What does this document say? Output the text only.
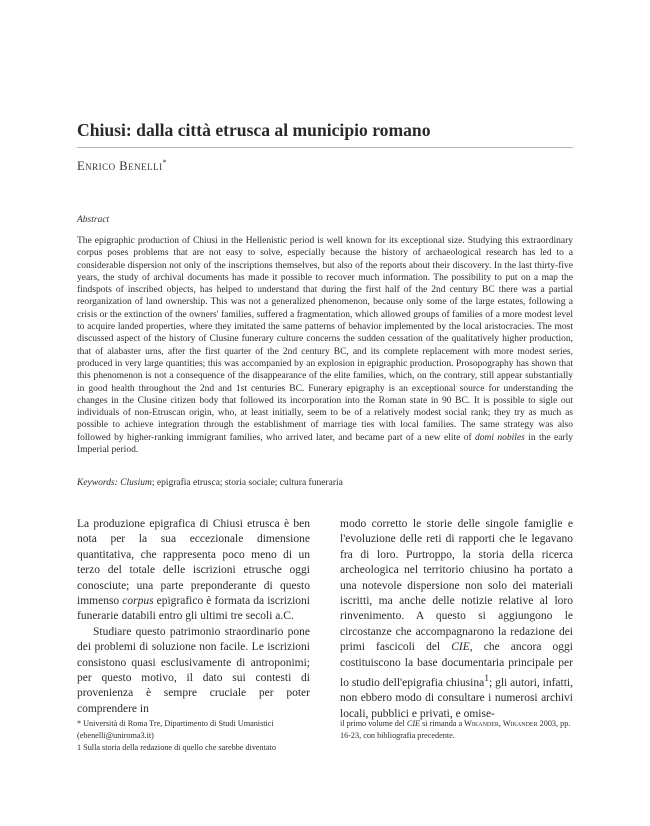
Chiusi: dalla città etrusca al municipio romano
Enrico Benelli*
Abstract
The epigraphic production of Chiusi in the Hellenistic period is well known for its exceptional size. Studying this extraordinary corpus poses problems that are not easy to solve, especially because the history of archaeological research has led to a considerable dispersion not only of the inscriptions themselves, but also of the reports about their discovery. In the last thirty-five years, the study of archival documents has made it possible to recover much information. The possibility to put on a map the findspots of inscribed objects, has helped to understand that during the first half of the 2nd century BC there was a partial reorganization of land ownership. This was not a generalized phenomenon, because only some of the large estates, following a crisis or the extinction of the owners' families, suffered a fragmentation, which allowed groups of families of a more modest level to acquire landed properties, where they imitated the same patterns of behavior implemented by the local aristocracies. The most discussed aspect of the history of Clusine funerary culture concerns the sudden cessation of the qualitatively higher production, that of alabaster urns, after the first quarter of the 2nd century BC, and its complete replacement with more modest series, produced in very large quantities; this was accompanied by an explosion in epigraphic production. Prosopography has shown that this phenomenon is not a consequence of the disappearance of the elite families, which, on the contrary, still appear substantially in good health throughout the 2nd and 1st centuries BC. Funerary epigraphy is an exceptional source for understanding the changes in the Clusine citizen body that followed its incorporation into the Roman state in 90 BC. It is possible to sigle out individuals of non-Etruscan origin, who, at least initially, seem to be of a relatively modest social rank; they try as much as possible to achieve integration through the establishment of marriage ties with local families. The same strategy was also followed by higher-ranking immigrant families, who arrived later, and became part of a new elite of domi nobiles in the early Imperial period.
Keywords: Clusium; epigrafia etrusca; storia sociale; cultura funeraria

La produzione epigrafica di Chiusi etrusca è ben nota per la sua eccezionale dimensione quantitativa, che rappresenta poco meno di un terzo del totale delle iscrizioni etrusche oggi conosciute; una parte preponderante di questo immenso corpus epigrafico è formata da iscrizioni funerarie databili entro gli ultimi tre secoli a.C.

Studiare questo patrimonio straordinario pone dei problemi di soluzione non facile. Le iscrizioni consistono quasi esclusivamente di antroponimi; per questo motivo, il dato sui contesti di provenienza è sempre cruciale per poter comprendere in

modo corretto le storie delle singole famiglie e l'evoluzione delle reti di rapporti che le legavano fra di loro. Purtroppo, la storia della ricerca archeologica nel territorio chiusino ha portato a una notevole dispersione non solo dei materiali iscritti, ma anche delle notizie relative al loro rinvenimento. A questo si aggiungono le circostanze che accompagnarono la redazione dei primi fascicoli del CIE, che ancora oggi costituiscono la base documentaria principale per lo studio dell'epigrafia chiusina$^1$; gli autori, infatti, non ebbero modo di consultare i numerosi archivi locali, pubblici e privati, e omise-

* Università di Roma Tre, Dipartimento di Studi Umanistici (ebenelli@uniroma3.it)

1 Sulla storia della redazione di quello che sarebbe diventato

il primo volume del CIE si rimanda a Wikander, Wikander 2003, pp. 16-23, con bibliografia precedente.
